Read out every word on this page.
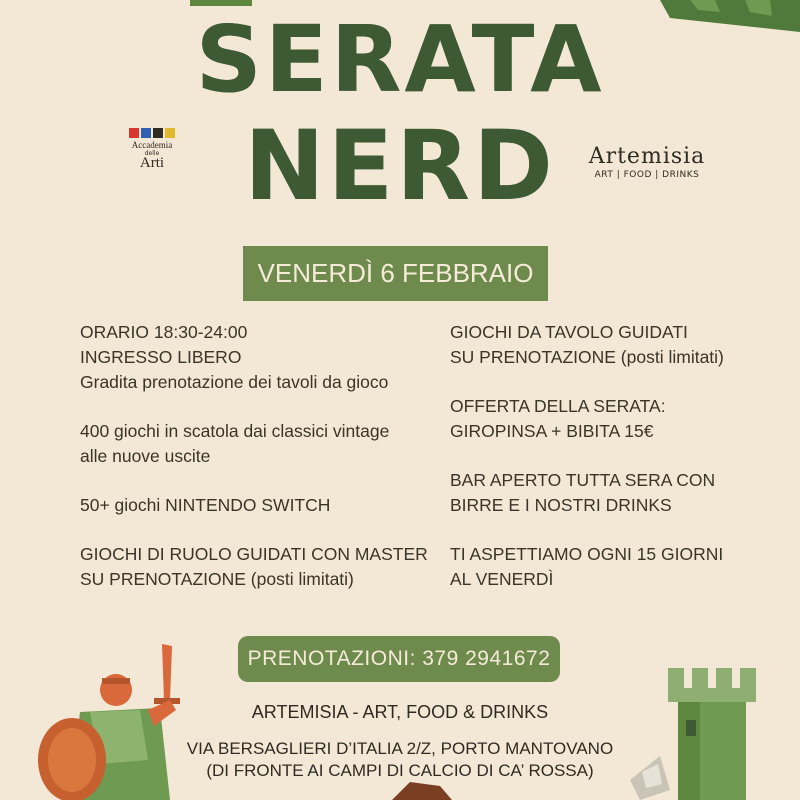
SERATA
NERD
Accademia
delle
Arti	Artemisia
ART | FOOD | DRINKS
VENERDÌ 6 FEBBRAIO
ORARIO 18:30-24:00
INGRESSO LIBERO
Gradita prenotazione dei tavoli da gioco
400 giochi in scatola dai classici vintage
alle nuove uscite
50+ giochi NINTENDO SWITCH
GIOCHI DI RUOLO GUIDATI CON MASTER
SU PRENOTAZIONE (posti limitati)
GIOCHI DA TAVOLO GUIDATI
SU PRENOTAZIONE (posti limitati)
OFFERTA DELLA SERATA:
GIROPINSA + BIBITA 15€
BAR APERTO TUTTA SERA CON
BIRRE E I NOSTRI DRINKS
TI ASPETTIAMO OGNI 15 GIORNI
AL VENERDÌ
PRENOTAZIONI: 379 2941672
ARTEMISIA - ART, FOOD & DRINKS
VIA BERSAGLIERI D’ITALIA 2/Z, PORTO MANTOVANO
(DI FRONTE AI CAMPI DI CALCIO DI CA’ ROSSA)
